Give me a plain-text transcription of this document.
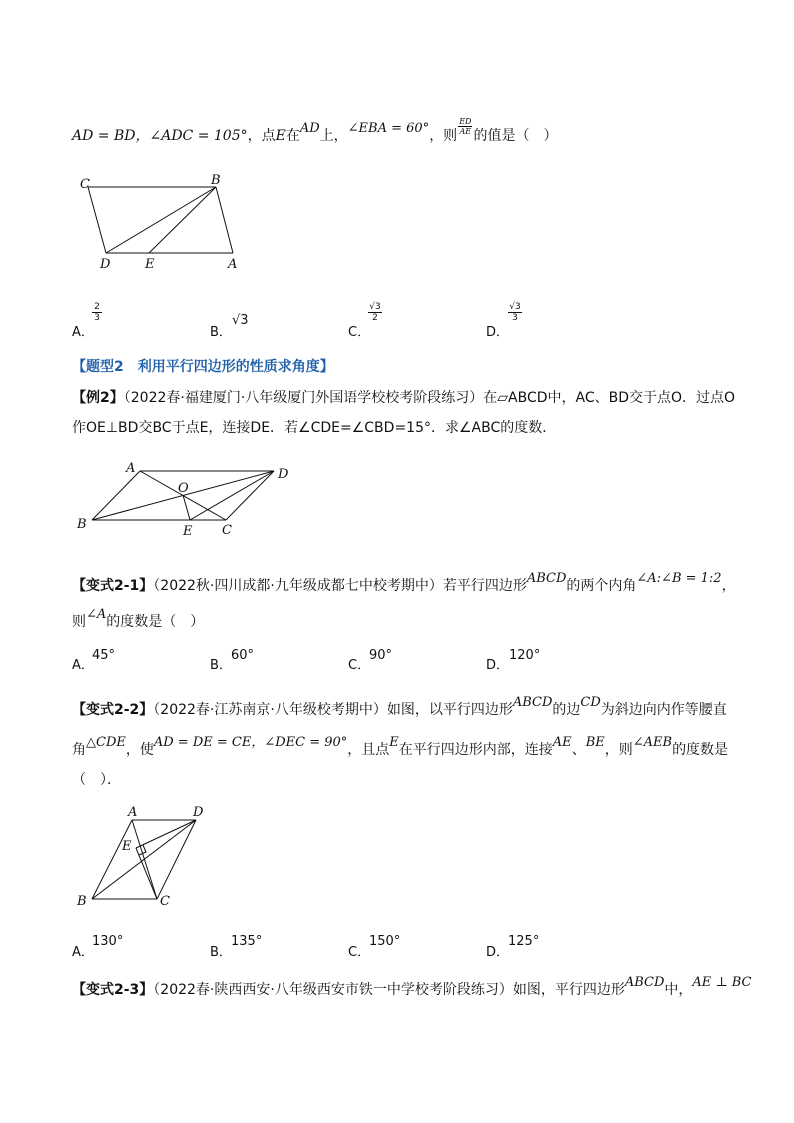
AD = BD，∠ADC = 105°，点E在AD上，∠EBA = 60°，则
$\frac{ED}{AE}$
的值是（　）
C	B
D	E	A
A．
$\frac{2}{3}$
B．
√3
C．
$\frac{√3}{2}$
D．
$\frac{√3}{3}$
【题型2　利用平行四边形的性质求角度】
【例2】（2022春·福建厦门·八年级厦门外国语学校校考阶段练习）在▱ABCD中，AC、BD交于点O．过点O
作OE⊥BD交BC于点E，连接DE．若∠CDE=∠CBD=15°．求∠ABC的度数．
A	D
O
B	E C
【变式2-1】（2022秋·四川成都·九年级成都七中校考期中）若平行四边形ABCD的两个内角∠A:∠B = 1:2，
则∠A的度数是（　）
A．
45°
B．
60°
C．
90°
D．
120°
【变式2-2】（2022春·江苏南京·八年级校考期中）如图，以平行四边形ABCD的边CD为斜边向内作等腰直
角△CDE，使AD = DE = CE，∠DEC = 90°，且点E在平行四边形内部，连接AE、BE，则∠AEB的度数是
（　）．
A	D
E
B	C
A．
130°
B．
135°
C．
150°
D．
125°
【变式2-3】（2022春·陕西西安·八年级西安市铁一中学校考阶段练习）如图，平行四边形ABCD中，AE ⊥ BC
